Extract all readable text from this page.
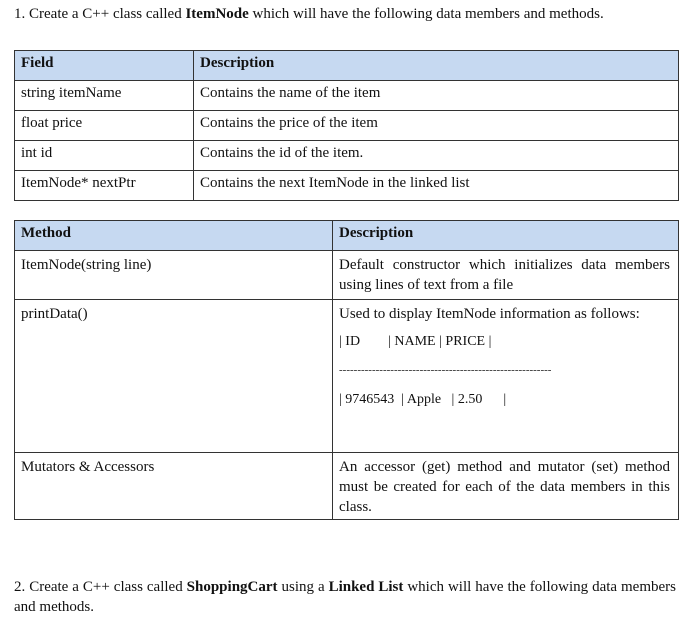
1. Create a C++ class called ItemNode which will have the following data members and methods.
Field	Description
string itemName	Contains the name of the item
float price	Contains the price of the item
int id	Contains the id of the item.
ItemNode* nextPtr	Contains the next ItemNode in the linked list
Method	Description
ItemNode(string line)	Default constructor which initializes data members using lines of text from a file
printData()	Used to display ItemNode information as follows:
| ID        | NAME | PRICE |
----------------------------------------------------------
| 9746543  | Apple   | 2.50      |

Mutators & Accessors	An accessor (get) method and mutator (set) method must be created for each of the data members in this class.
2. Create a C++ class called ShoppingCart using a Linked List which will have the following data members and methods.
